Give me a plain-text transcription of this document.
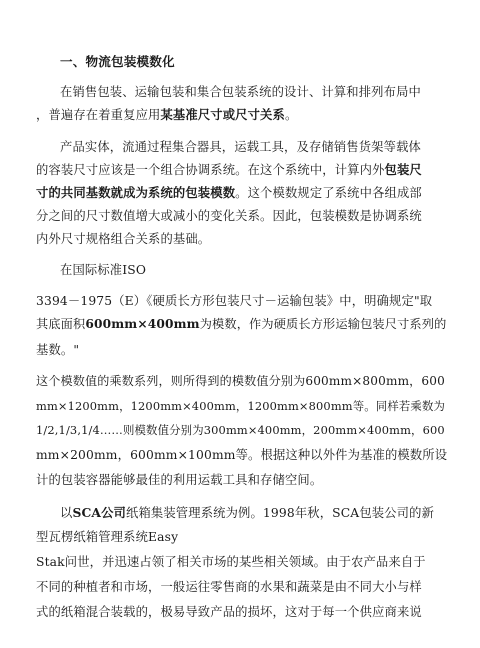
一、物流包装模数化
在销售包装、运输包装和集合包装系统的设计、计算和排列布局中
，普遍存在着重复应用某基准尺寸或尺寸关系。
产品实体，流通过程集合器具，运载工具，及存储销售货架等载体
的容装尺寸应该是一个组合协调系统。在这个系统中，计算内外包装尺
寸的共同基数就成为系统的包装模数。这个模数规定了系统中各组成部
分之间的尺寸数值增大或减小的变化关系。因此，包装模数是协调系统
内外尺寸规格组合关系的基础。
在国际标准ISO
3394－1975（E）《硬质长方形包装尺寸－运输包装》中，明确规定"取
其底面积600mm×400mm为模数，作为硬质长方形运输包装尺寸系列的
基数。"
这个模数值的乘数系列，则所得到的模数值分别为600mm×800mm，600
mm×1200mm，1200mm×400mm，1200mm×800mm等。同样若乘数为
1/2,1/3,1/4……则模数值分别为300mm×400mm，200mm×400mm，600
mm×200mm，600mm×100mm等。根据这种以外件为基准的模数所设
计的包装容器能够最佳的利用运载工具和存储空间。
以SCA公司纸箱集装管理系统为例。1998年秋，SCA包装公司的新
型瓦楞纸箱管理系统Easy
Stak问世，并迅速占领了相关市场的某些相关领域。由于农产品来自于
不同的种植者和市场，一般运往零售商的水果和蔬菜是由不同大小与样
式的纸箱混合装载的，极易导致产品的损坏，这对于每一个供应商来说
